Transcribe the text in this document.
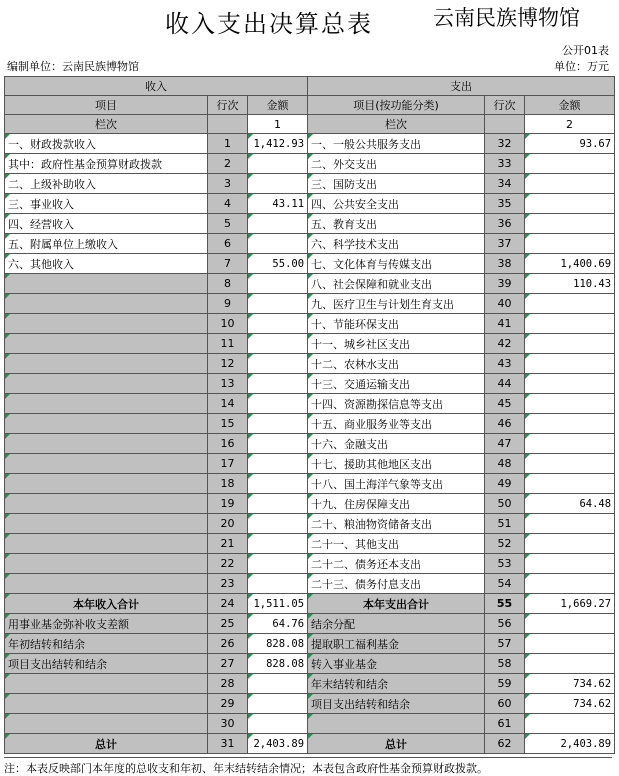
收入支出决算总表	云南民族博物馆
公开01表
编制单位：云南民族博物馆	单位：万元
收入			支出		
项目	行次	金额	项目(按功能分类)	行次	金额
栏次		1	栏次		2
一、财政拨款收入	1	1,412.93	一、一般公共服务支出	32	93.67
其中：政府性基金预算财政拨款	2		二、外交支出	33	
二、上级补助收入	3		三、国防支出	34	
三、事业收入	4	43.11	四、公共安全支出	35	
四、经营收入	5		五、教育支出	36	
五、附属单位上缴收入	6		六、科学技术支出	37	
六、其他收入	7	55.00	七、文化体育与传媒支出	38	1,400.69
	8		八、社会保障和就业支出	39	110.43
	9		九、医疗卫生与计划生育支出	40	
	10		十、节能环保支出	41	
	11		十一、城乡社区支出	42	
	12		十二、农林水支出	43	
	13		十三、交通运输支出	44	
	14		十四、资源勘探信息等支出	45	
	15		十五、商业服务业等支出	46	
	16		十六、金融支出	47	
	17		十七、援助其他地区支出	48	
	18		十八、国土海洋气象等支出	49	
	19		十九、住房保障支出	50	64.48
	20		二十、粮油物资储备支出	51	
	21		二十一、其他支出	52	
	22		二十二、债务还本支出	53	
	23		二十三、债务付息支出	54	
本年收入合计	24	1,511.05	本年支出合计	55	1,669.27
用事业基金弥补收支差额	25	64.76	结余分配	56	
年初结转和结余	26	828.08	提取职工福利基金	57	
项目支出结转和结余	27	828.08	转入事业基金	58	
	28		年末结转和结余	59	734.62
	29		项目支出结转和结余	60	734.62
	30			61	
总计	31	2,403.89	总计	62	2,403.89
注：本表反映部门本年度的总收支和年初、年末结转结余情况；本表包含政府性基金预算财政拨款。
